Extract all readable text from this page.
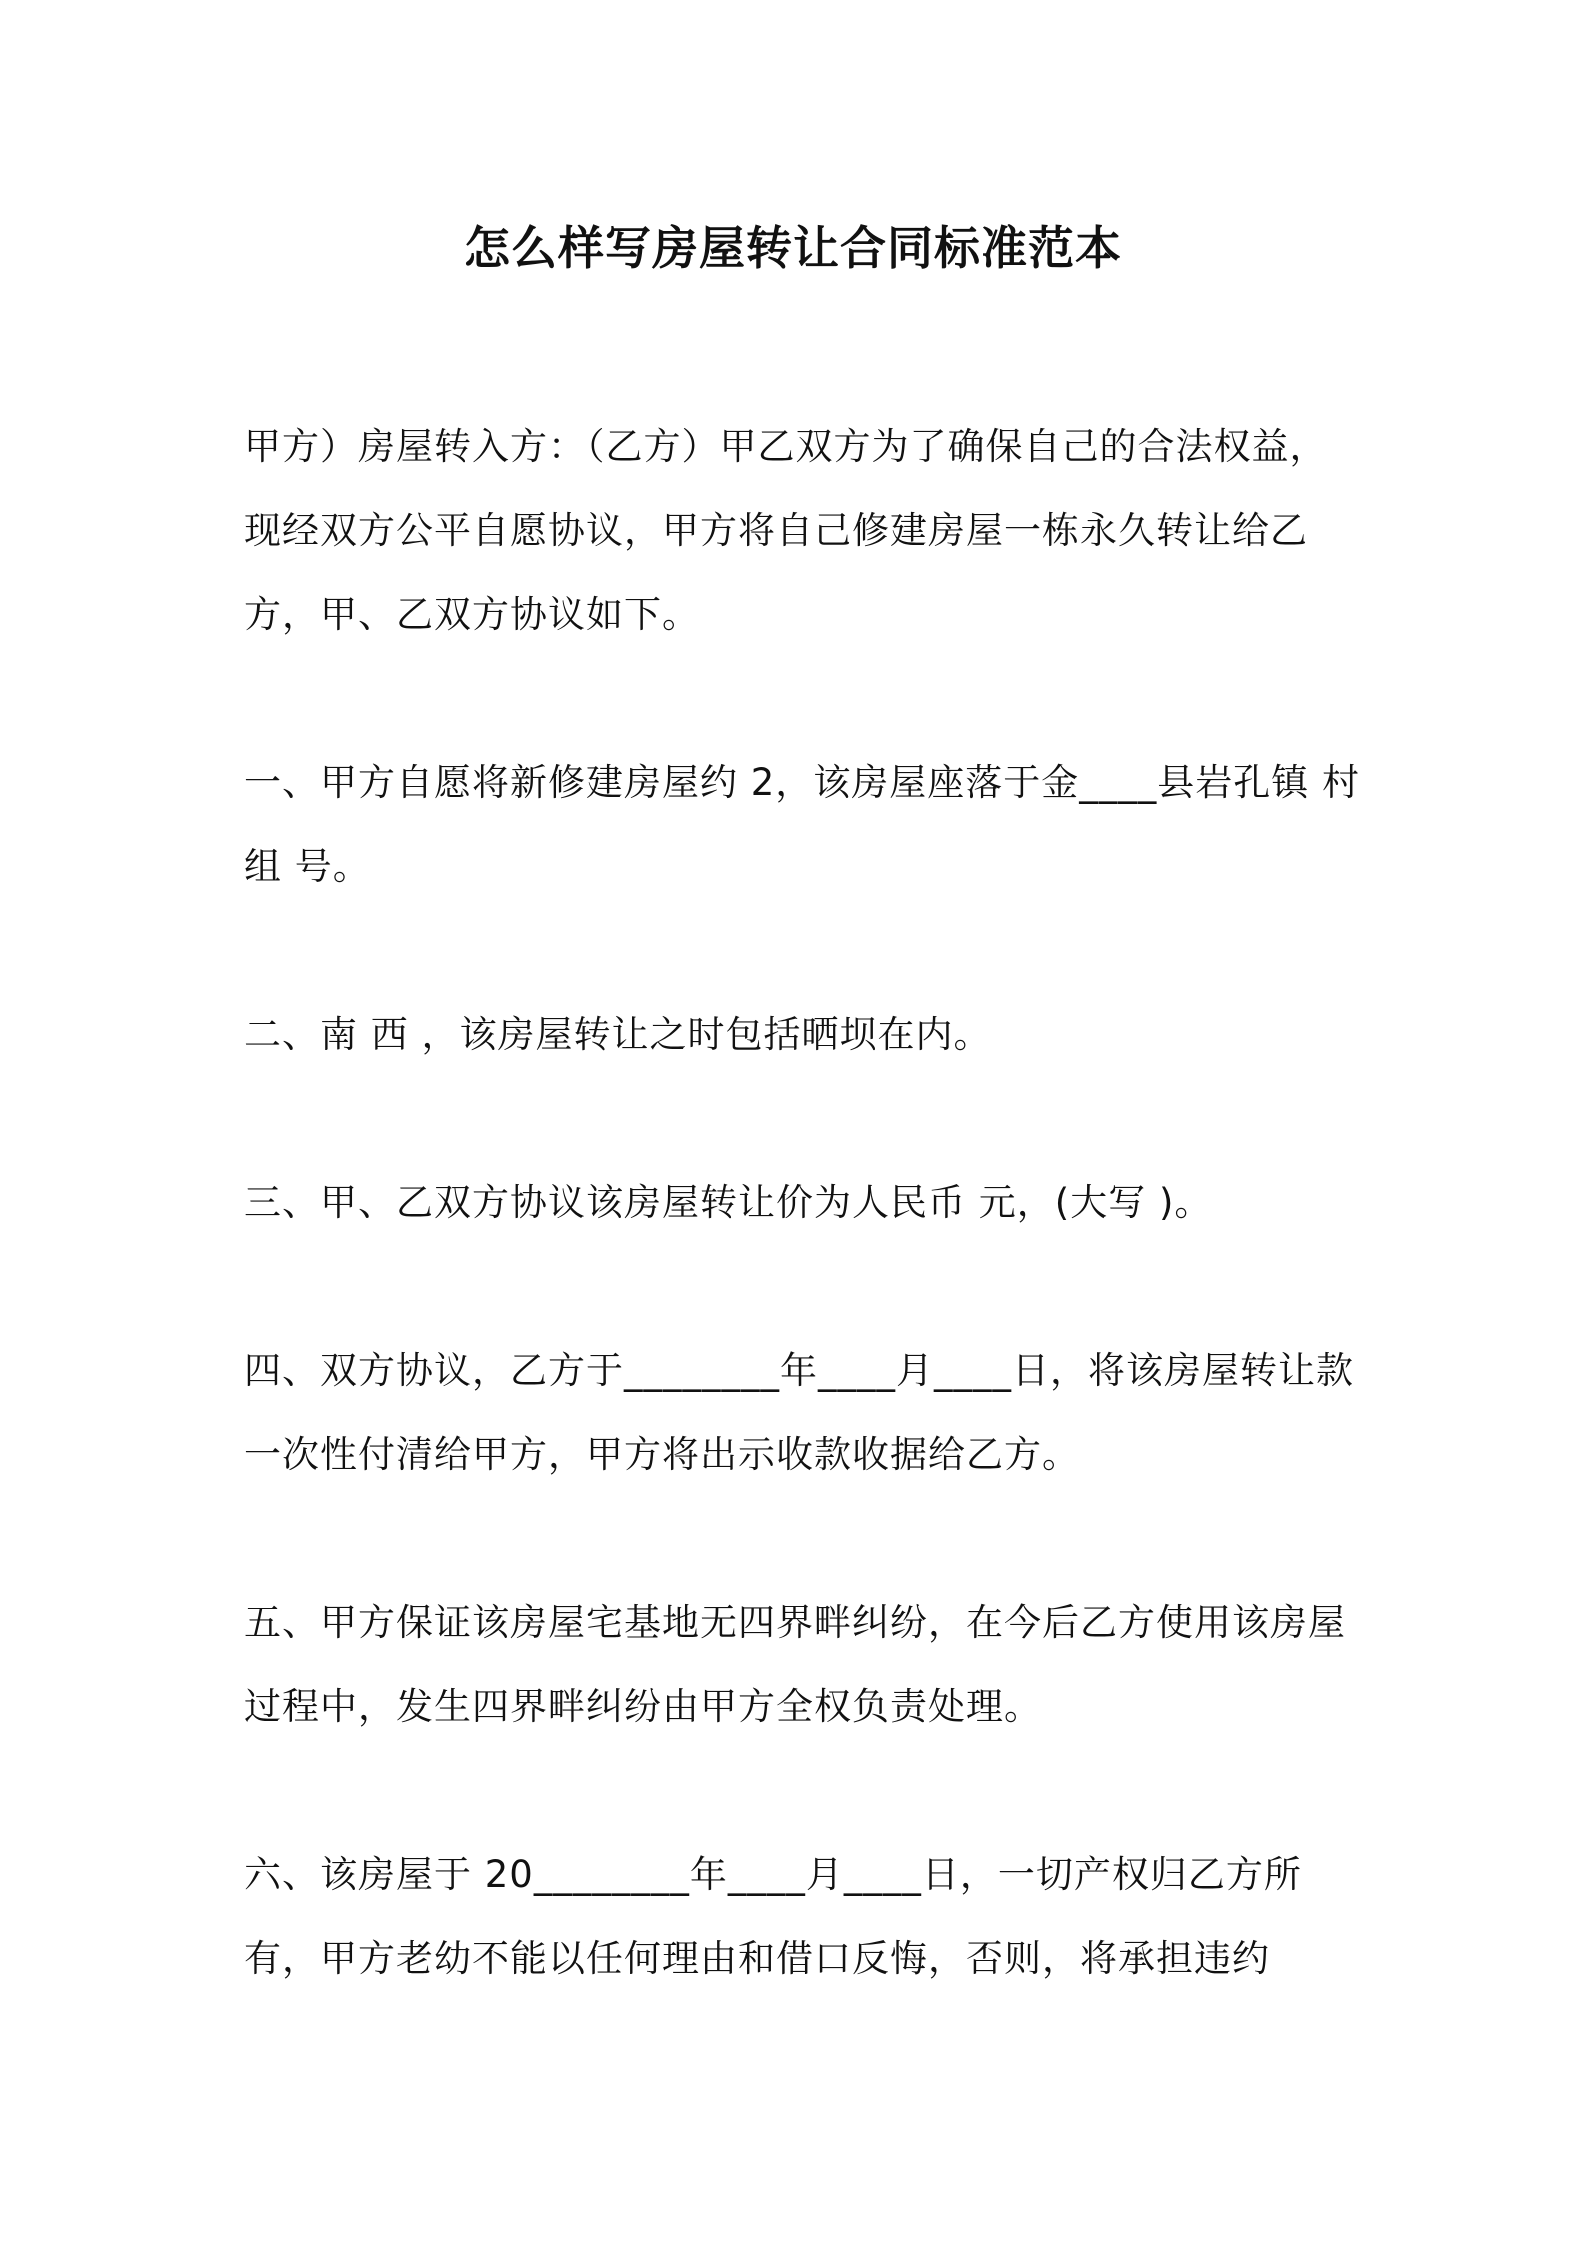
怎么样写房屋转让合同标准范本

甲方）房屋转入方：（乙方）甲乙双方为了确保自己的合法权益，现经双方公平自愿协议，甲方将自己修建房屋一栋永久转让给乙方，甲、乙双方协议如下。

一、甲方自愿将新修建房屋约 2，该房屋座落于金____县岩孔镇 村 组 号。

二、南 西 ，该房屋转让之时包括晒坝在内。

三、甲、乙双方协议该房屋转让价为人民币 元，(大写 )。

四、双方协议，乙方于________年____月____日，将该房屋转让款一次性付清给甲方，甲方将出示收款收据给乙方。

五、甲方保证该房屋宅基地无四界畔纠纷，在今后乙方使用该房屋过程中，发生四界畔纠纷由甲方全权负责处理。

六、该房屋于 20________年____月____日，一切产权归乙方所有，甲方老幼不能以任何理由和借口反悔，否则，将承担违约
